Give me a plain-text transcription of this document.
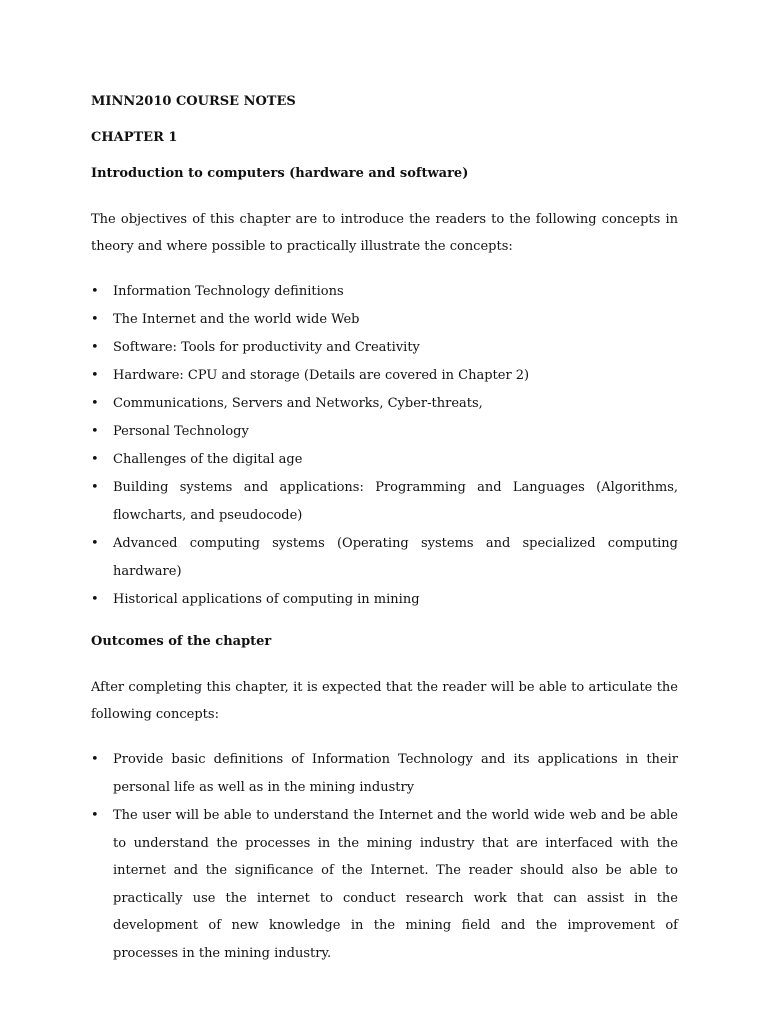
MINN2010 COURSE NOTES

CHAPTER 1

Introduction to computers (hardware and software)

The objectives of this chapter are to introduce the readers to the following concepts in theory and where possible to practically illustrate the concepts:

• Information Technology definitions
• The Internet and the world wide Web
• Software: Tools for productivity and Creativity
• Hardware: CPU and storage (Details are covered in Chapter 2)
• Communications, Servers and Networks, Cyber-threats,
• Personal Technology
• Challenges of the digital age
• Building systems and applications: Programming and Languages (Algorithms, flowcharts, and pseudocode)
• Advanced computing systems (Operating systems and specialized computing hardware)
• Historical applications of computing in mining

Outcomes of the chapter

After completing this chapter, it is expected that the reader will be able to articulate the following concepts:

• Provide basic definitions of Information Technology and its applications in their personal life as well as in the mining industry
• The user will be able to understand the Internet and the world wide web and be able to understand the processes in the mining industry that are interfaced with the internet and the significance of the Internet. The reader should also be able to practically use the internet to conduct research work that can assist in the development of new knowledge in the mining field and the improvement of processes in the mining industry.
